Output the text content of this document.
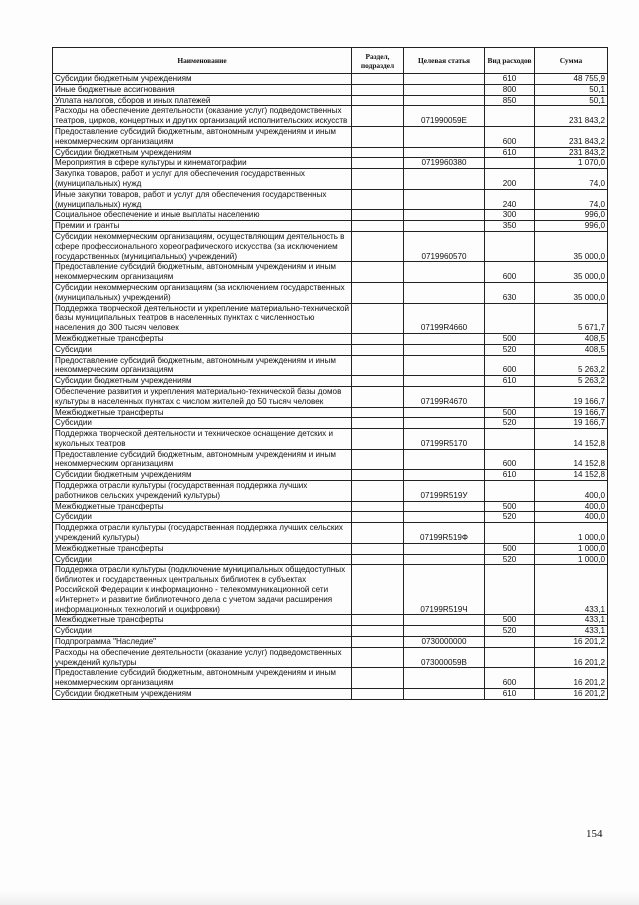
Наименование	Раздел, подраздел	Целевая статья	Вид расходов	Сумма
Субсидии бюджетным учреждениям			610	48 755,9
Иные бюджетные ассигнования			800	50,1
Уплата налогов, сборов и иных платежей			850	50,1
Расходы на обеспечение деятельности (оказание услуг) подведомственных театров, цирков, концертных и других организаций исполнительских искусств		071990059Е		231 843,2
Предоставление субсидий бюджетным, автономным учреждениям и иным некоммерческим организациям			600	231 843,2
Субсидии бюджетным учреждениям			610	231 843,2
Мероприятия в сфере культуры и кинематографии		0719960380		1 070,0
Закупка товаров, работ и услуг для обеспечения государственных (муниципальных) нужд			200	74,0
Иные закупки товаров, работ и услуг для обеспечения государственных (муниципальных) нужд			240	74,0
Социальное обеспечение и иные выплаты населению			300	996,0
Премии и гранты			350	996,0
Субсидии некоммерческим организациям, осуществляющим деятельность в сфере профессионального хореографического искусства (за исключением государственных (муниципальных) учреждений)		0719960570		35 000,0
Предоставление субсидий бюджетным, автономным учреждениям и иным некоммерческим организациям			600	35 000,0
Субсидии некоммерческим организациям (за исключением государственных (муниципальных) учреждений)			630	35 000,0
Поддержка творческой деятельности и укрепление материально-технической базы муниципальных театров в населенных пунктах с численностью населения до 300 тысяч человек		07199R4660		5 671,7
Межбюджетные трансферты			500	408,5
Субсидии			520	408,5
Предоставление субсидий бюджетным, автономным учреждениям и иным некоммерческим организациям			600	5 263,2
Субсидии бюджетным учреждениям			610	5 263,2
Обеспечение развития и укрепления материально-технической базы домов культуры в населенных пунктах с числом жителей до 50 тысяч человек		07199R4670		19 166,7
Межбюджетные трансферты			500	19 166,7
Субсидии			520	19 166,7
Поддержка творческой деятельности и техническое оснащение детских и кукольных театров		07199R5170		14 152,8
Предоставление субсидий бюджетным, автономным учреждениям и иным некоммерческим организациям			600	14 152,8
Субсидии бюджетным учреждениям			610	14 152,8
Поддержка отрасли культуры (государственная поддержка лучших работников сельских учреждений культуры)		07199R519У		400,0
Межбюджетные трансферты			500	400,0
Субсидии			520	400,0
Поддержка отрасли культуры (государственная поддержка лучших сельских учреждений культуры)		07199R519Ф		1 000,0
Межбюджетные трансферты			500	1 000,0
Субсидии			520	1 000,0
Поддержка отрасли культуры (подключение муниципальных общедоступных библиотек и государственных центральных библиотек в субъектах Российской Федерации к информационно - телекоммуникационной сети «Интернет» и развитие библиотечного дела с учетом задачи расширения информационных технологий и оцифровки)		07199R519Ч		433,1
Межбюджетные трансферты			500	433,1
Субсидии			520	433,1
Подпрограмма "Наследие"		0730000000		16 201,2
Расходы на обеспечение деятельности (оказание услуг) подведомственных учреждений культуры		073000059В		16 201,2
Предоставление субсидий бюджетным, автономным учреждениям и иным некоммерческим организациям			600	16 201,2
Субсидии бюджетным учреждениям			610	16 201,2
154
